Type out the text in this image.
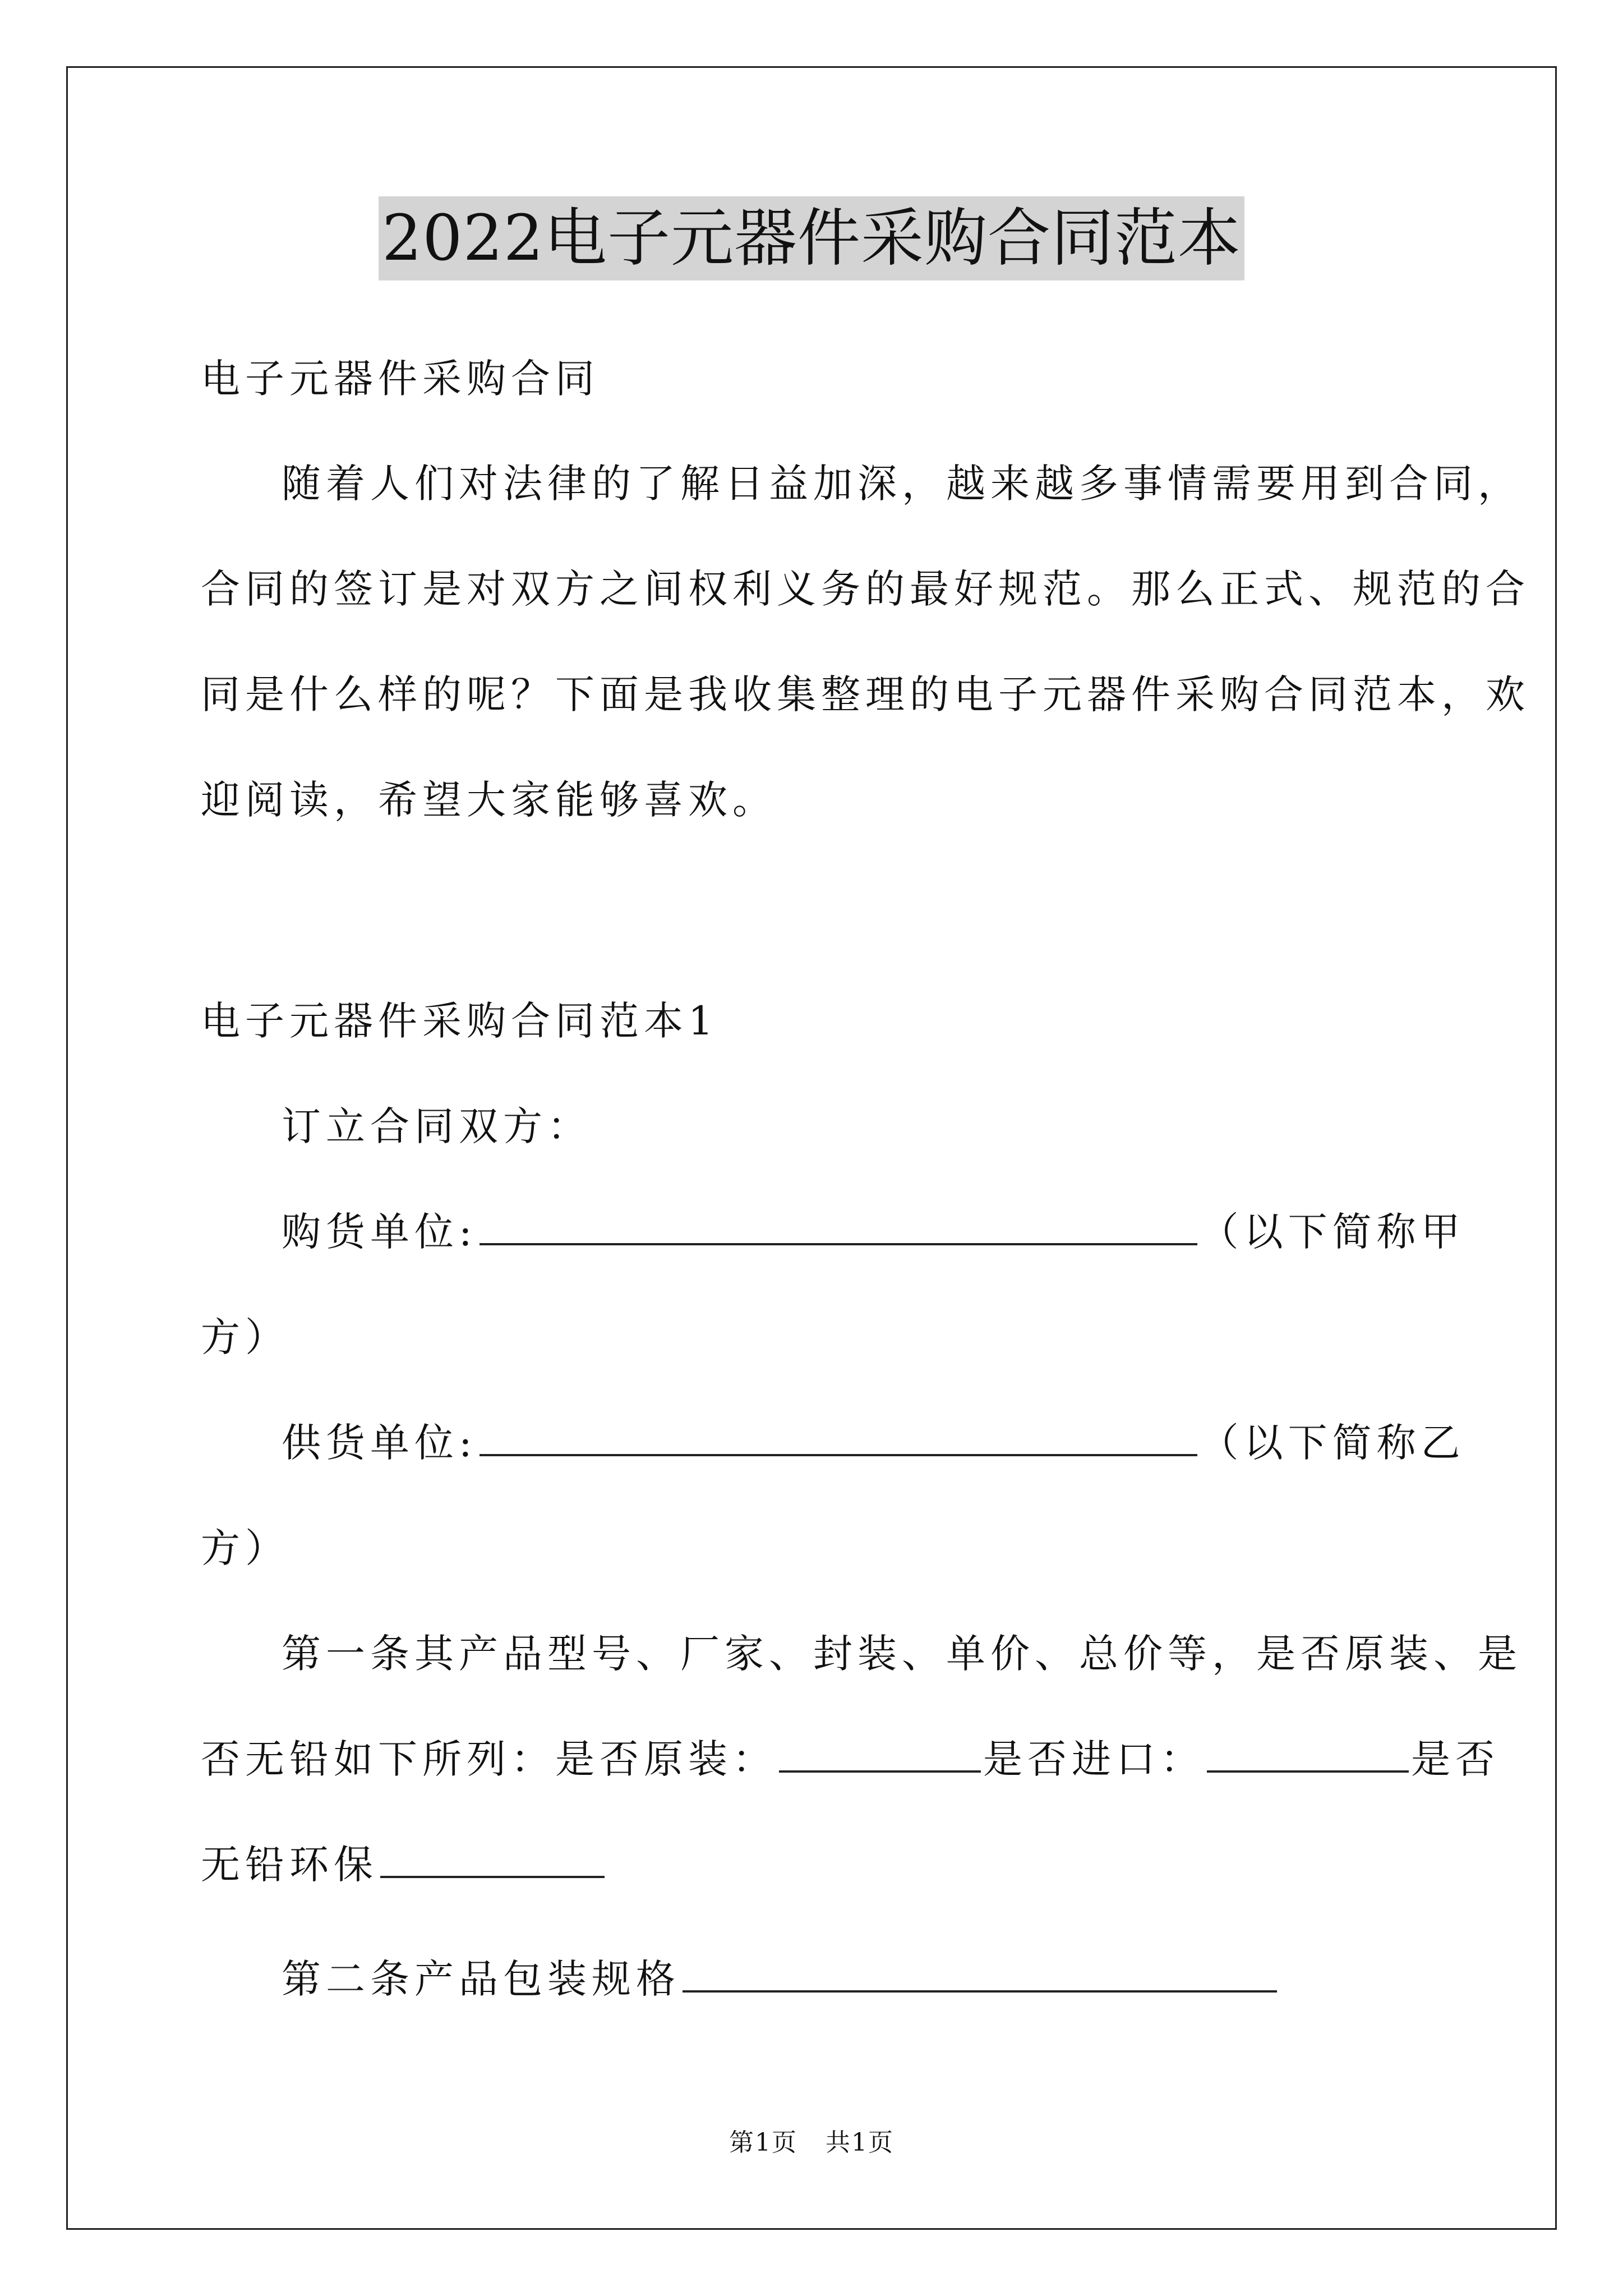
2022电子元器件采购合同范本
电子元器件采购合同
随着人们对法律的了解日益加深，越来越多事情需要用到合同，
合同的签订是对双方之间权利义务的最好规范。那么正式、规范的合
同是什么样的呢？下面是我收集整理的电子元器件采购合同范本，欢
迎阅读，希望大家能够喜欢。
电子元器件采购合同范本1
订立合同双方：
购货单位:	（以下简称甲
方）
供货单位:	（以下简称乙
方）
第一条其产品型号、厂家、封装、单价、总价等，是否原装、是
否无铅如下所列：是否原装：	是否进口：	是否
无铅环保
第二条产品包装规格
第1页 共1页
